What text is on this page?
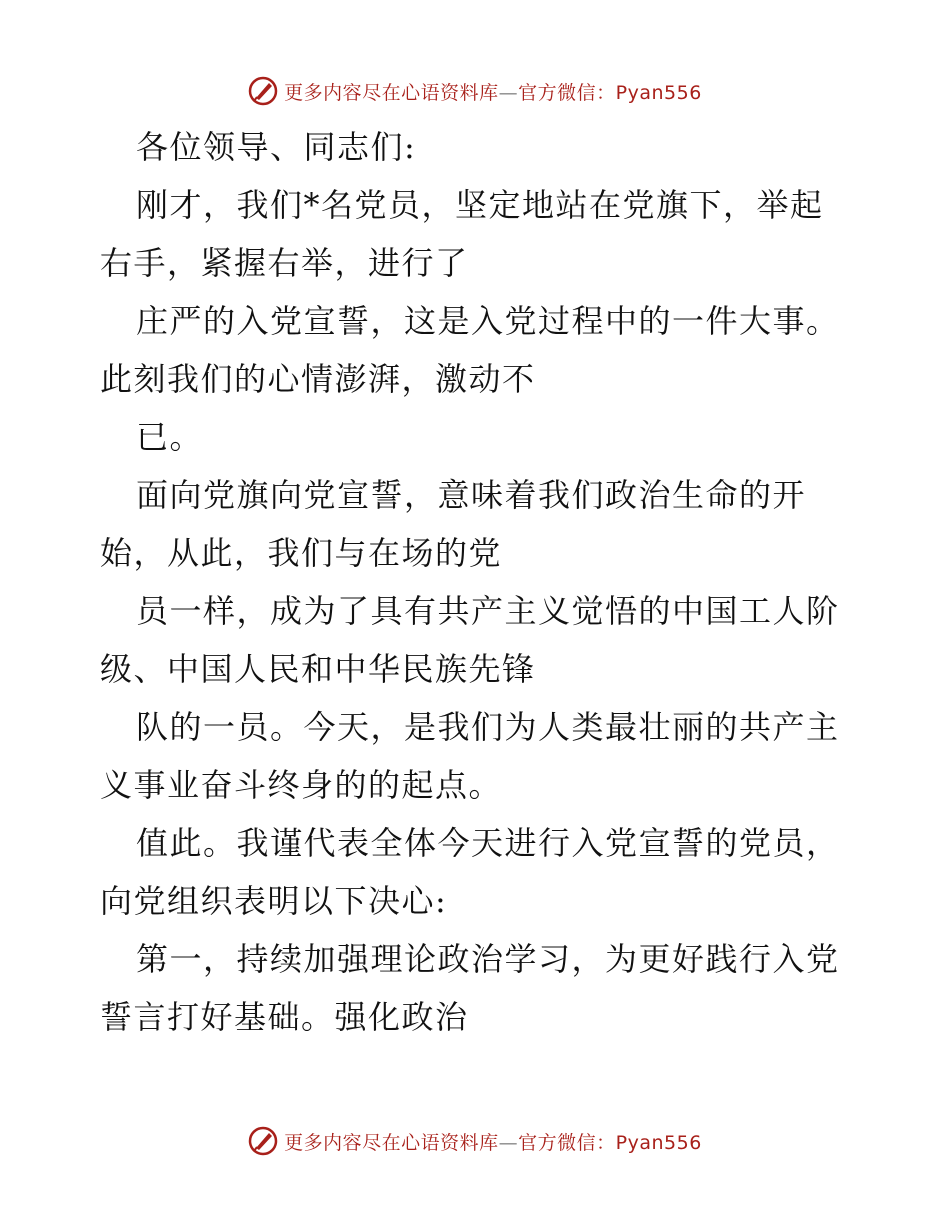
更多内容尽在心语资料库—官方微信：Pyan556
各位领导、同志们:
刚才，我们*名党员，坚定地站在党旗下，举起
右手，紧握右举，进行了
庄严的入党宣誓，这是入党过程中的一件大事。
此刻我们的心情澎湃，激动不
已。
面向党旗向党宣誓，意味着我们政治生命的开
始，从此，我们与在场的党
员一样，成为了具有共产主义觉悟的中国工人阶
级、中国人民和中华民族先锋
队的一员。今天，是我们为人类最壮丽的共产主
义事业奋斗终身的的起点。
值此。我谨代表全体今天进行入党宣誓的党员，
向党组织表明以下决心:
第一，持续加强理论政治学习，为更好践行入党
誓言打好基础。强化政治
更多内容尽在心语资料库—官方微信：Pyan556
